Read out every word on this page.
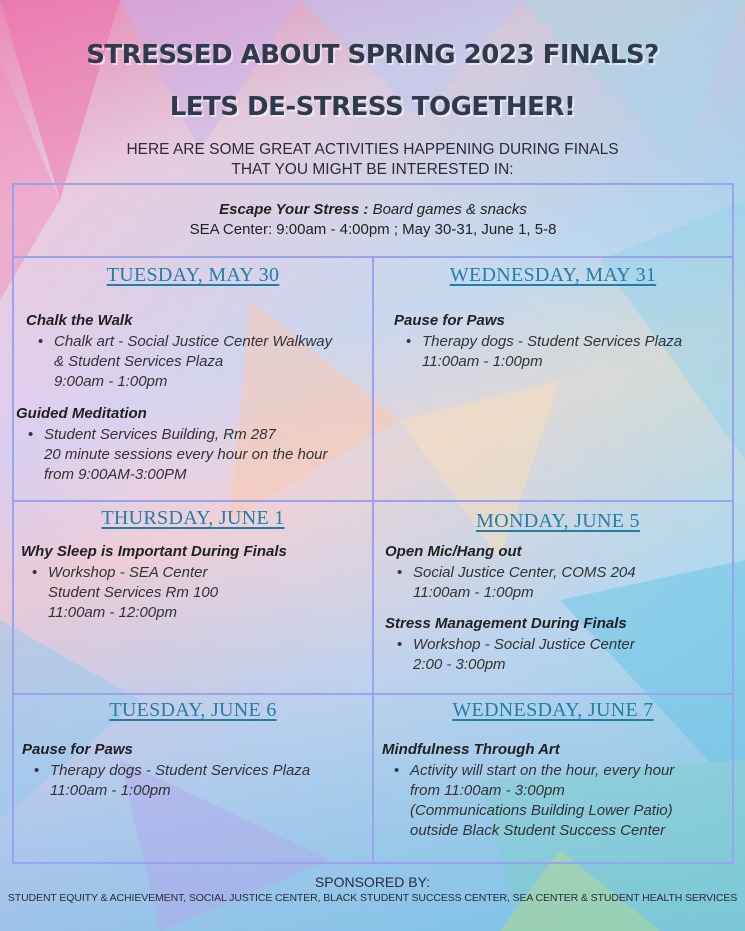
STRESSED ABOUT SPRING 2023 FINALS?
LETS DE-STRESS TOGETHER!
HERE ARE SOME GREAT ACTIVITIES HAPPENING DURING FINALS
THAT YOU MIGHT BE INTERESTED IN:
Escape Your Stress : Board games & snacks
SEA Center: 9:00am - 4:00pm ; May 30-31, June 1, 5-8
TUESDAY, MAY 30
Chalk the Walk
• Chalk art - Social Justice Center Walkway
& Student Services Plaza
9:00am - 1:00pm
Guided Meditation
• Student Services Building, Rm 287
20 minute sessions every hour on the hour
from 9:00AM-3:00PM
WEDNESDAY, MAY 31
Pause for Paws
• Therapy dogs - Student Services Plaza
11:00am - 1:00pm
THURSDAY, JUNE 1
Why Sleep is Important During Finals
• Workshop - SEA Center
Student Services Rm 100
11:00am - 12:00pm
MONDAY, JUNE 5
Open Mic/Hang out
• Social Justice Center, COMS 204
11:00am - 1:00pm
Stress Management During Finals
• Workshop - Social Justice Center
2:00 - 3:00pm
TUESDAY, JUNE 6
Pause for Paws
• Therapy dogs - Student Services Plaza
11:00am - 1:00pm
WEDNESDAY, JUNE 7
Mindfulness Through Art
• Activity will start on the hour, every hour
from 11:00am - 3:00pm
(Communications Building Lower Patio)
outside Black Student Success Center
SPONSORED BY:
STUDENT EQUITY & ACHIEVEMENT, SOCIAL JUSTICE CENTER, BLACK STUDENT SUCCESS CENTER, SEA CENTER & STUDENT HEALTH SERVICES
